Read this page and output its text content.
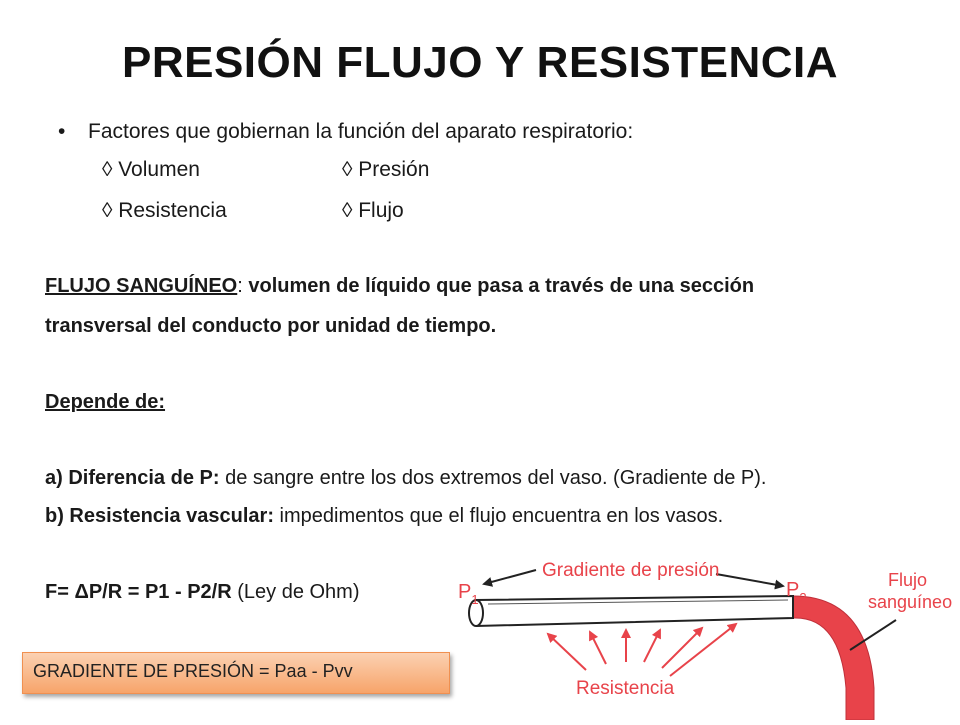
PRESIÓN FLUJO Y RESISTENCIA
• Factores que gobiernan la función del aparato respiratorio:
◊ Volumen	◊ Presión
◊ Resistencia	◊ Flujo
FLUJO SANGUÍNEO: volumen de líquido que pasa a través de una sección
transversal del conducto por unidad de tiempo.
Depende de:
a) Diferencia de P: de sangre entre los dos extremos del vaso. (Gradiente de P).
b) Resistencia vascular: impedimentos que el flujo encuentra en los vasos.
F= ΔP/R = P1 - P2/R (Ley de Ohm)
GRADIENTE DE PRESIÓN = Paa - Pvv
Gradiente de presión
$P_1$	$P_2$
Flujo
sanguíneo
Resistencia
